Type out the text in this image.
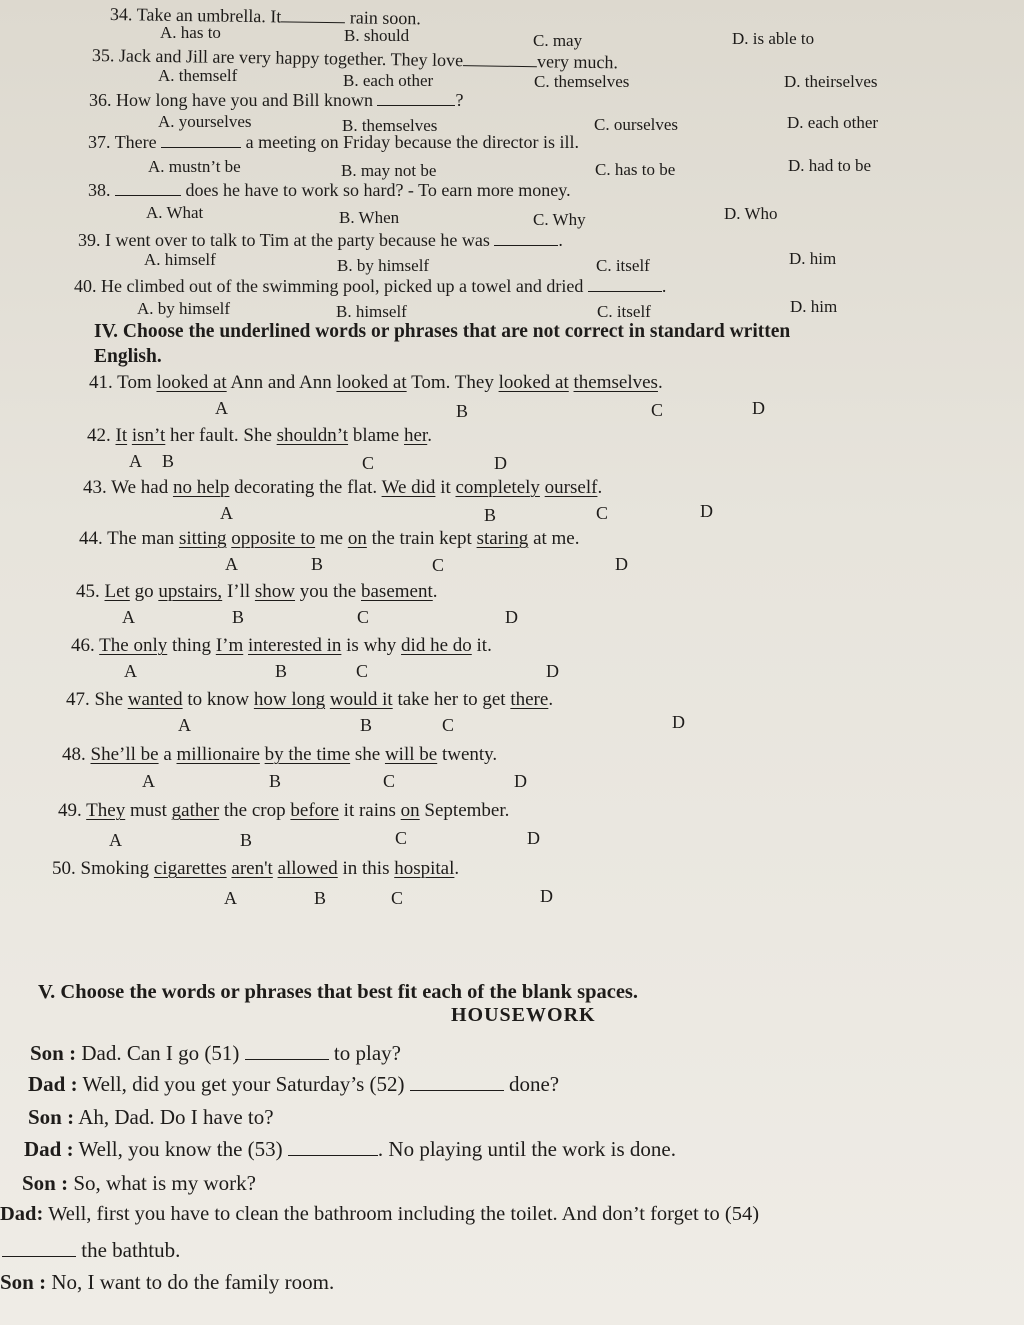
34. Take an umbrella. It	rain soon.
A. has to	B. should	C. may	D. is able to
35. Jack and Jill are very happy together. They love	very much.
A. themself	B. each other	C. themselves	D. theirselves
36. How long have you and Bill known	?
A. yourselves	B. themselves	C. ourselves	D. each other
37. There	a meeting on Friday because the director is ill.
A. mustn’t be	B. may not be	C. has to be	D. had to be
38.	does he have to work so hard? - To earn more money.
A. What	B. When	C. Why	D. Who
39. I went over to talk to Tim at the party because he was	.
A. himself	B. by himself	C. itself	D. him
40. He climbed out of the swimming pool, picked up a towel and dried	.
A. by himself	B. himself	C. itself	D. him
IV. Choose the underlined words or phrases that are not correct in standard written
English.
41. Tom looked at Ann and Ann looked at Tom. They looked at themselves.
A	B	C	D
42. It isn’t her fault. She shouldn’t blame her.
A B	C	D
43. We had no help decorating the flat. We did it completely ourself.
A	B	C	D
44. The man sitting opposite to me on the train kept staring at me.
A	B	C	D
45. Let go upstairs, I’ll show you the basement.
A	B	C	D
46. The only thing I’m interested in is why did he do it.
A	B	C	D
47. She wanted to know how long would it take her to get there.
A	B	C	D
48. She’ll be a millionaire by the time she will be twenty.
A	B	C	D
49. They must gather the crop before it rains on September.
A	B	C	D
50. Smoking cigarettes aren't allowed in this hospital.
A	B	C	D
V. Choose the words or phrases that best fit each of the blank spaces.
HOUSEWORK
Son : Dad. Can I go (51)	to play?
Dad : Well, did you get your Saturday’s (52)	done?
Son : Ah, Dad. Do I have to?
Dad : Well, you know the (53)	. No playing until the work is done.
Son : So, what is my work?
Dad: Well, first you have to clean the bathroom including the toilet. And don’t forget to (54)
the bathtub.
Son : No, I want to do the family room.
